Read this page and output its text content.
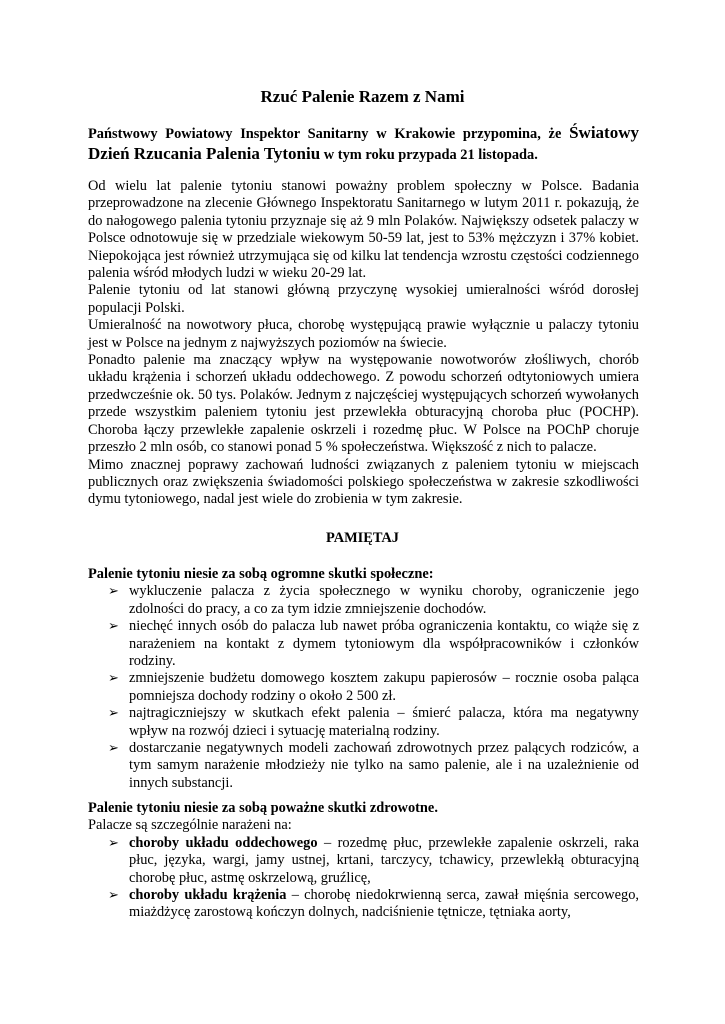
Rzuć Palenie Razem z Nami
Państwowy Powiatowy Inspektor Sanitarny w Krakowie przypomina, że Światowy Dzień Rzucania Palenia Tytoniu w tym roku przypada 21 listopada.

Od wielu lat palenie tytoniu stanowi poważny problem społeczny w Polsce. Badania przeprowadzone na zlecenie Głównego Inspektoratu Sanitarnego w lutym 2011 r. pokazują, że do nałogowego palenia tytoniu przyznaje się aż 9 mln Polaków. Największy odsetek palaczy w Polsce odnotowuje się w przedziale wiekowym 50-59 lat, jest to 53% mężczyzn i 37% kobiet. Niepokojąca jest również utrzymująca się od kilku lat tendencja wzrostu częstości codziennego palenia wśród młodych ludzi w wieku 20-29 lat.

Palenie tytoniu od lat stanowi główną przyczynę wysokiej umieralności wśród dorosłej populacji Polski.

Umieralność na nowotwory płuca, chorobę występującą prawie wyłącznie u palaczy tytoniu jest w Polsce na jednym z najwyższych poziomów na świecie.

Ponadto palenie ma znaczący wpływ na występowanie nowotworów złośliwych, chorób układu krążenia i schorzeń układu oddechowego. Z powodu schorzeń odtytoniowych umiera przedwcześnie ok. 50 tys. Polaków. Jednym z najczęściej występujących schorzeń wywołanych przede wszystkim paleniem tytoniu jest przewlekła obturacyjną choroba płuc (POCHP). Choroba łączy przewlekłe zapalenie oskrzeli i rozedmę płuc. W Polsce na POChP choruje przeszło 2 mln osób, co stanowi ponad 5 % społeczeństwa. Większość z nich to palacze.

Mimo znacznej poprawy zachowań ludności związanych z paleniem tytoniu w miejscach publicznych oraz zwiększenia świadomości polskiego społeczeństwa w zakresie szkodliwości dymu tytoniowego, nadal jest wiele do zrobienia w tym zakresie.

PAMIĘTAJ

Palenie tytoniu niesie za sobą ogromne skutki społeczne:

➢ wykluczenie palacza z życia społecznego w wyniku choroby, ograniczenie jego zdolności do pracy, a co za tym idzie zmniejszenie dochodów.
➢ niechęć innych osób do palacza lub nawet próba ograniczenia kontaktu, co wiąże się z narażeniem na kontakt z dymem tytoniowym dla współpracowników i członków rodziny.
➢ zmniejszenie budżetu domowego kosztem zakupu papierosów – rocznie osoba paląca pomniejsza dochody rodziny o około 2 500 zł.
➢ najtragiczniejszy w skutkach efekt palenia – śmierć palacza, która ma negatywny wpływ na rozwój dzieci i sytuację materialną rodziny.
➢ dostarczanie negatywnych modeli zachowań zdrowotnych przez palących rodziców, a tym samym narażenie młodzieży nie tylko na samo palenie, ale i na uzależnienie od innych substancji.

Palenie tytoniu niesie za sobą poważne skutki zdrowotne.

Palacze są szczególnie narażeni na:

➢ choroby układu oddechowego – rozedmę płuc, przewlekłe zapalenie oskrzeli, raka płuc, języka, wargi, jamy ustnej, krtani, tarczycy, tchawicy, przewlekłą obturacyjną chorobę płuc, astmę oskrzelową, gruźlicę,
➢ choroby układu krążenia – chorobę niedokrwienną serca, zawał mięśnia sercowego, miażdżycę zarostową kończyn dolnych, nadciśnienie tętnicze, tętniaka aorty,
